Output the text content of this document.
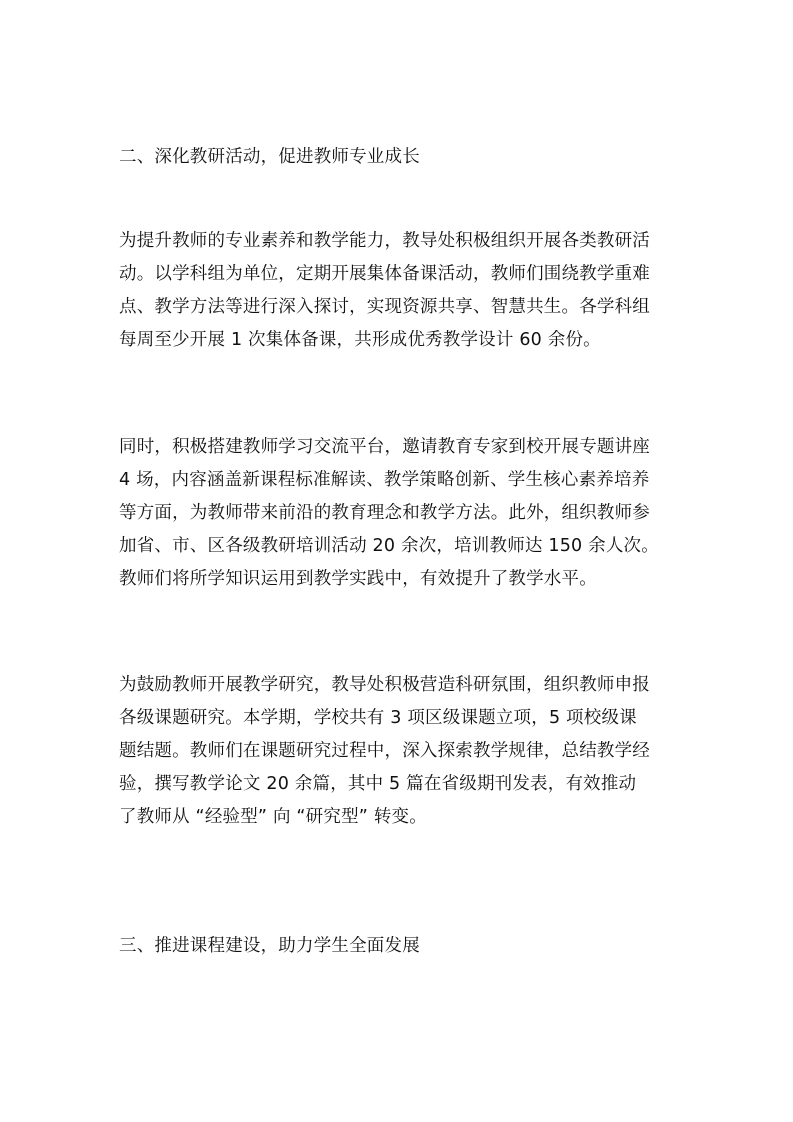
二、深化教研活动，促进教师专业成长
为提升教师的专业素养和教学能力，教导处积极组织开展各类教研活
动。以学科组为单位，定期开展集体备课活动，教师们围绕教学重难
点、教学方法等进行深入探讨，实现资源共享、智慧共生。各学科组
每周至少开展 1 次集体备课，共形成优秀教学设计 60 余份。
同时，积极搭建教师学习交流平台，邀请教育专家到校开展专题讲座
4 场，内容涵盖新课程标准解读、教学策略创新、学生核心素养培养
等方面，为教师带来前沿的教育理念和教学方法。此外，组织教师参
加省、市、区各级教研培训活动 20 余次，培训教师达 150 余人次。
教师们将所学知识运用到教学实践中，有效提升了教学水平。
为鼓励教师开展教学研究，教导处积极营造科研氛围，组织教师申报
各级课题研究。本学期，学校共有 3 项区级课题立项，5 项校级课
题结题。教师们在课题研究过程中，深入探索教学规律，总结教学经
验，撰写教学论文 20 余篇，其中 5 篇在省级期刊发表，有效推动
了教师从 “经验型” 向 “研究型” 转变。
三、推进课程建设，助力学生全面发展
